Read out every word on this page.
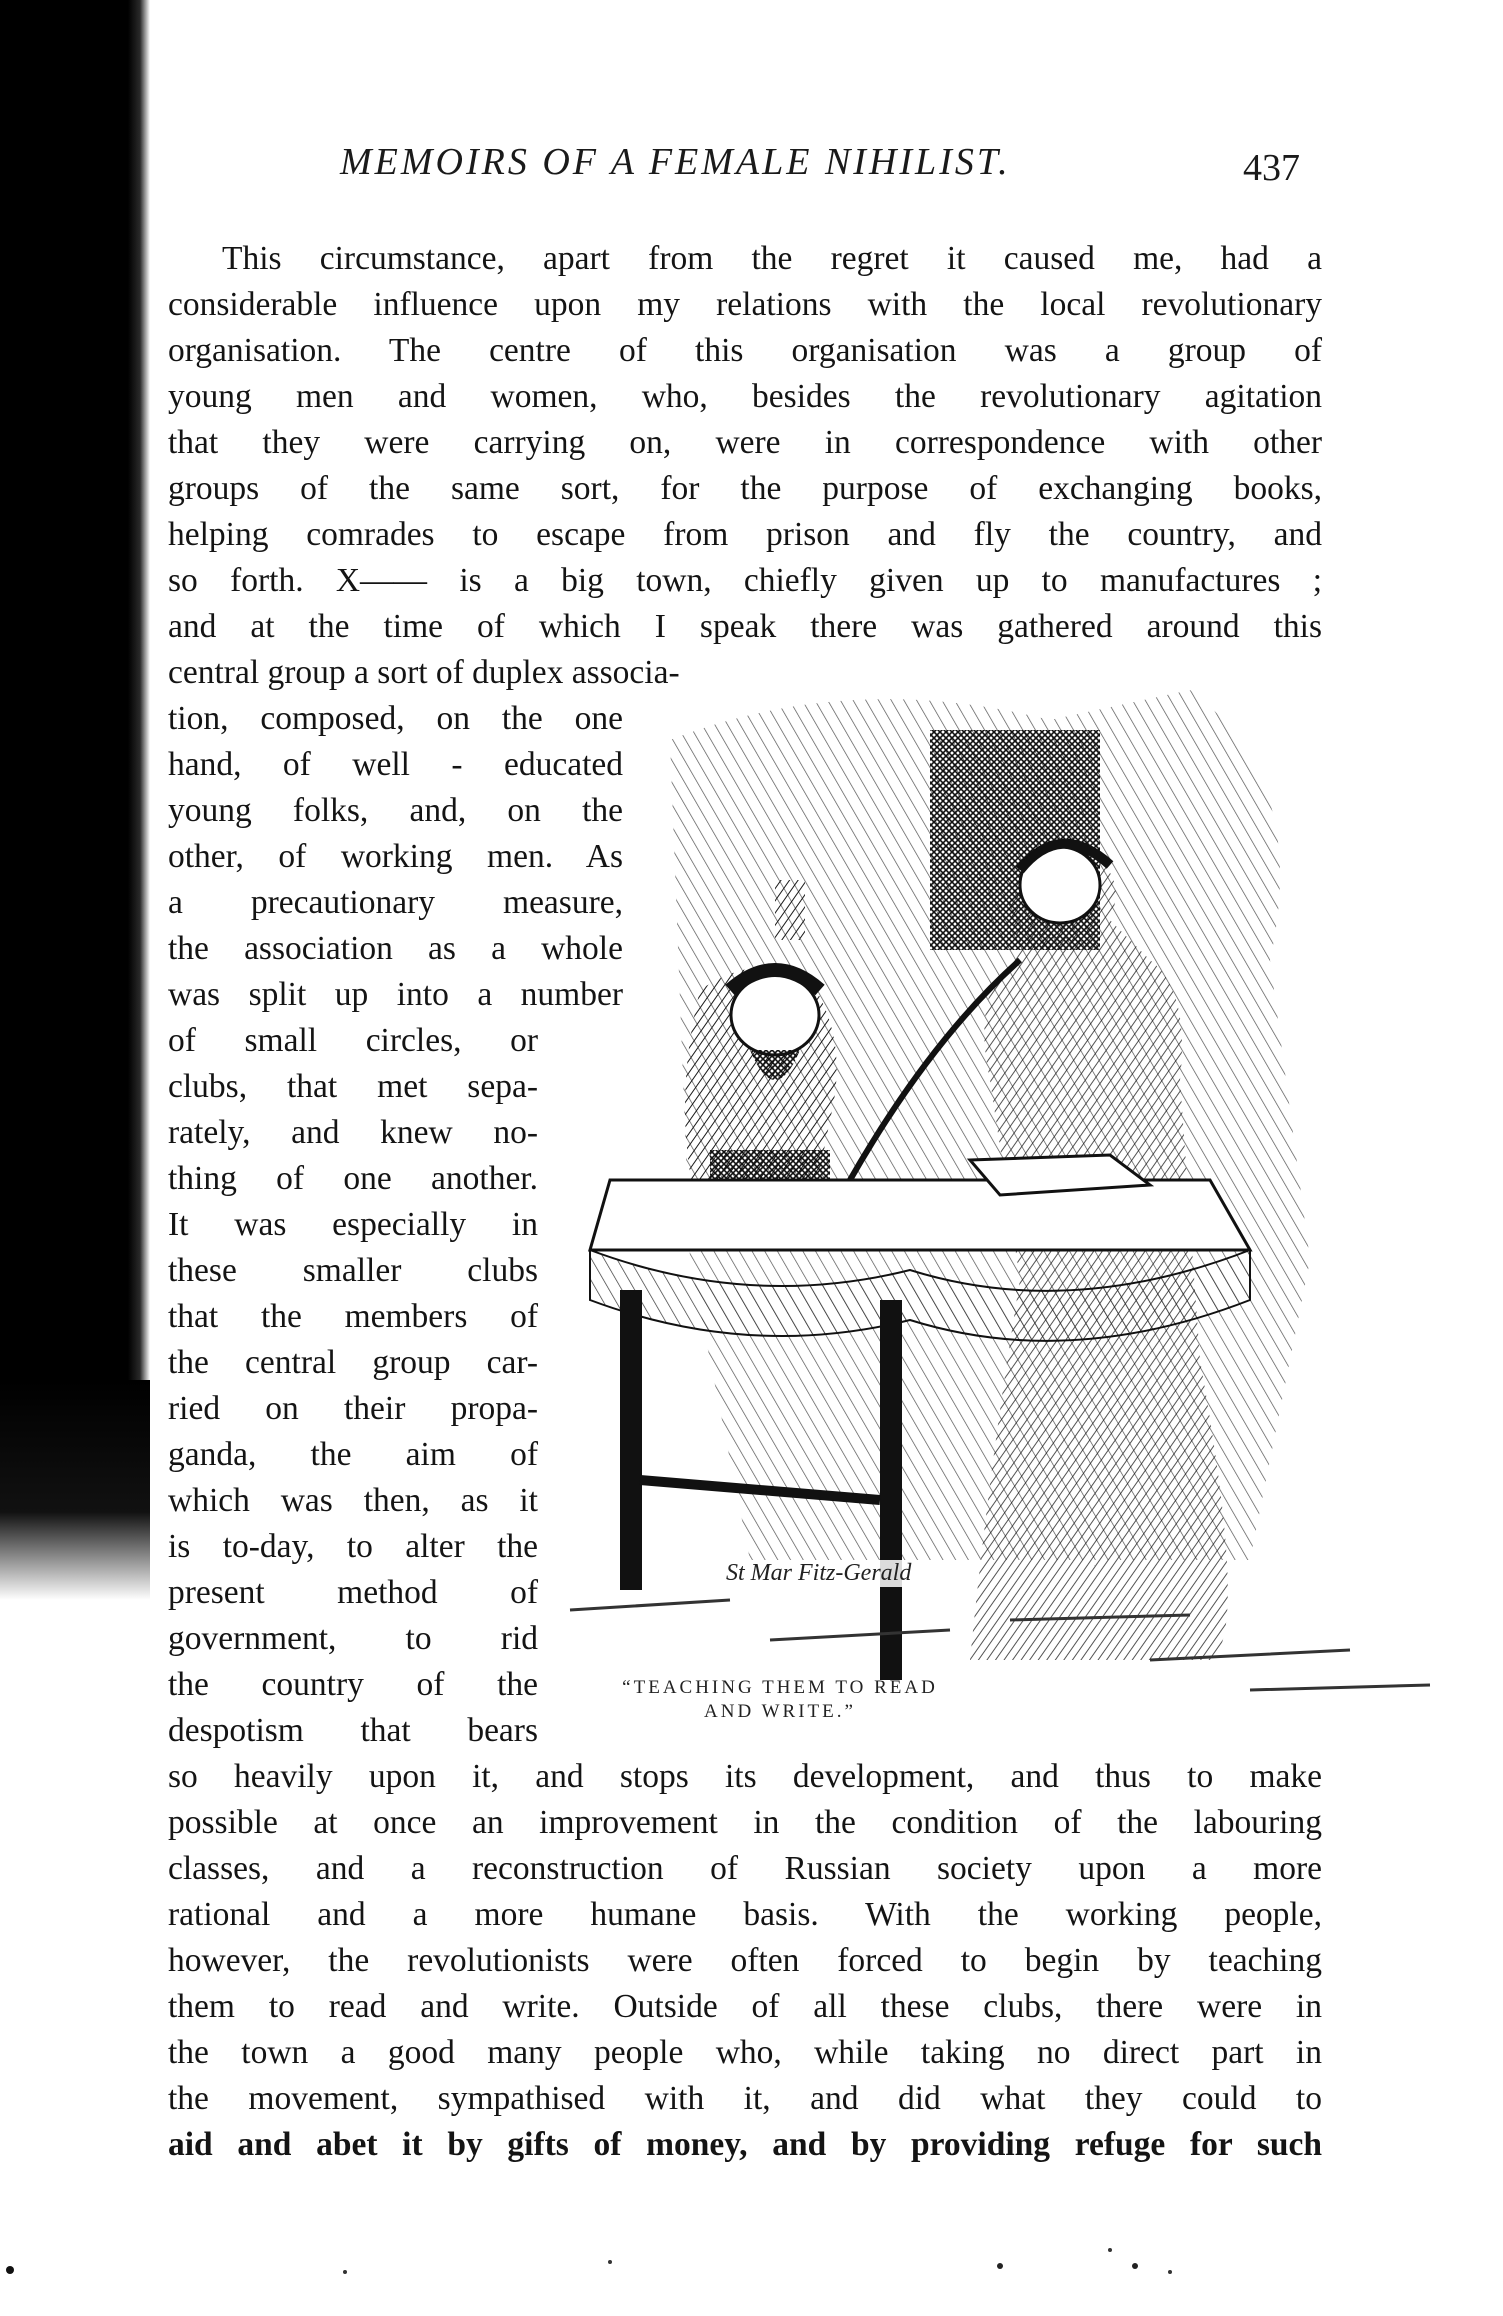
MEMOIRS OF A FEMALE NIHILIST.	437

This circumstance, apart from the regret it caused me, had a

considerable influence upon my relations with the local revolutionary

organisation. The centre of this organisation was a group of

young men and women, who, besides the revolutionary agitation

that they were carrying on, were in correspondence with other

groups of the same sort, for the purpose of exchanging books,

helping comrades to escape from prison and fly the country, and

so forth. X—— is a big town, chiefly given up to manufactures ;

and at the time of which I speak there was gathered around this

central group a sort of duplex associa-

tion, composed, on the one

hand, of well - educated

young folks, and, on the

other, of working men. As

a precautionary measure,

the association as a whole

was split up into a number

of small circles, or

clubs, that met sepa-

rately, and knew no-

thing of one another.

It was especially in

these smaller clubs

that the members of

the central group car-

ried on their propa-

ganda, the aim of

which was then, as it

is to-day, to alter the

present method of

government, to rid

the country of the

despotism that bears

so heavily upon it, and stops its development, and thus to make

possible at once an improvement in the condition of the labouring

classes, and a reconstruction of Russian society upon a more

rational and a more humane basis. With the working people,

however, the revolutionists were often forced to begin by teaching

them to read and write. Outside of all these clubs, there were in

the town a good many people who, while taking no direct part in

the movement, sympathised with it, and did what they could to

aid and abet it by gifts of money, and by providing refuge for such

St Mar Fitz-Gerald
“TEACHING THEM TO READ
AND WRITE.”
